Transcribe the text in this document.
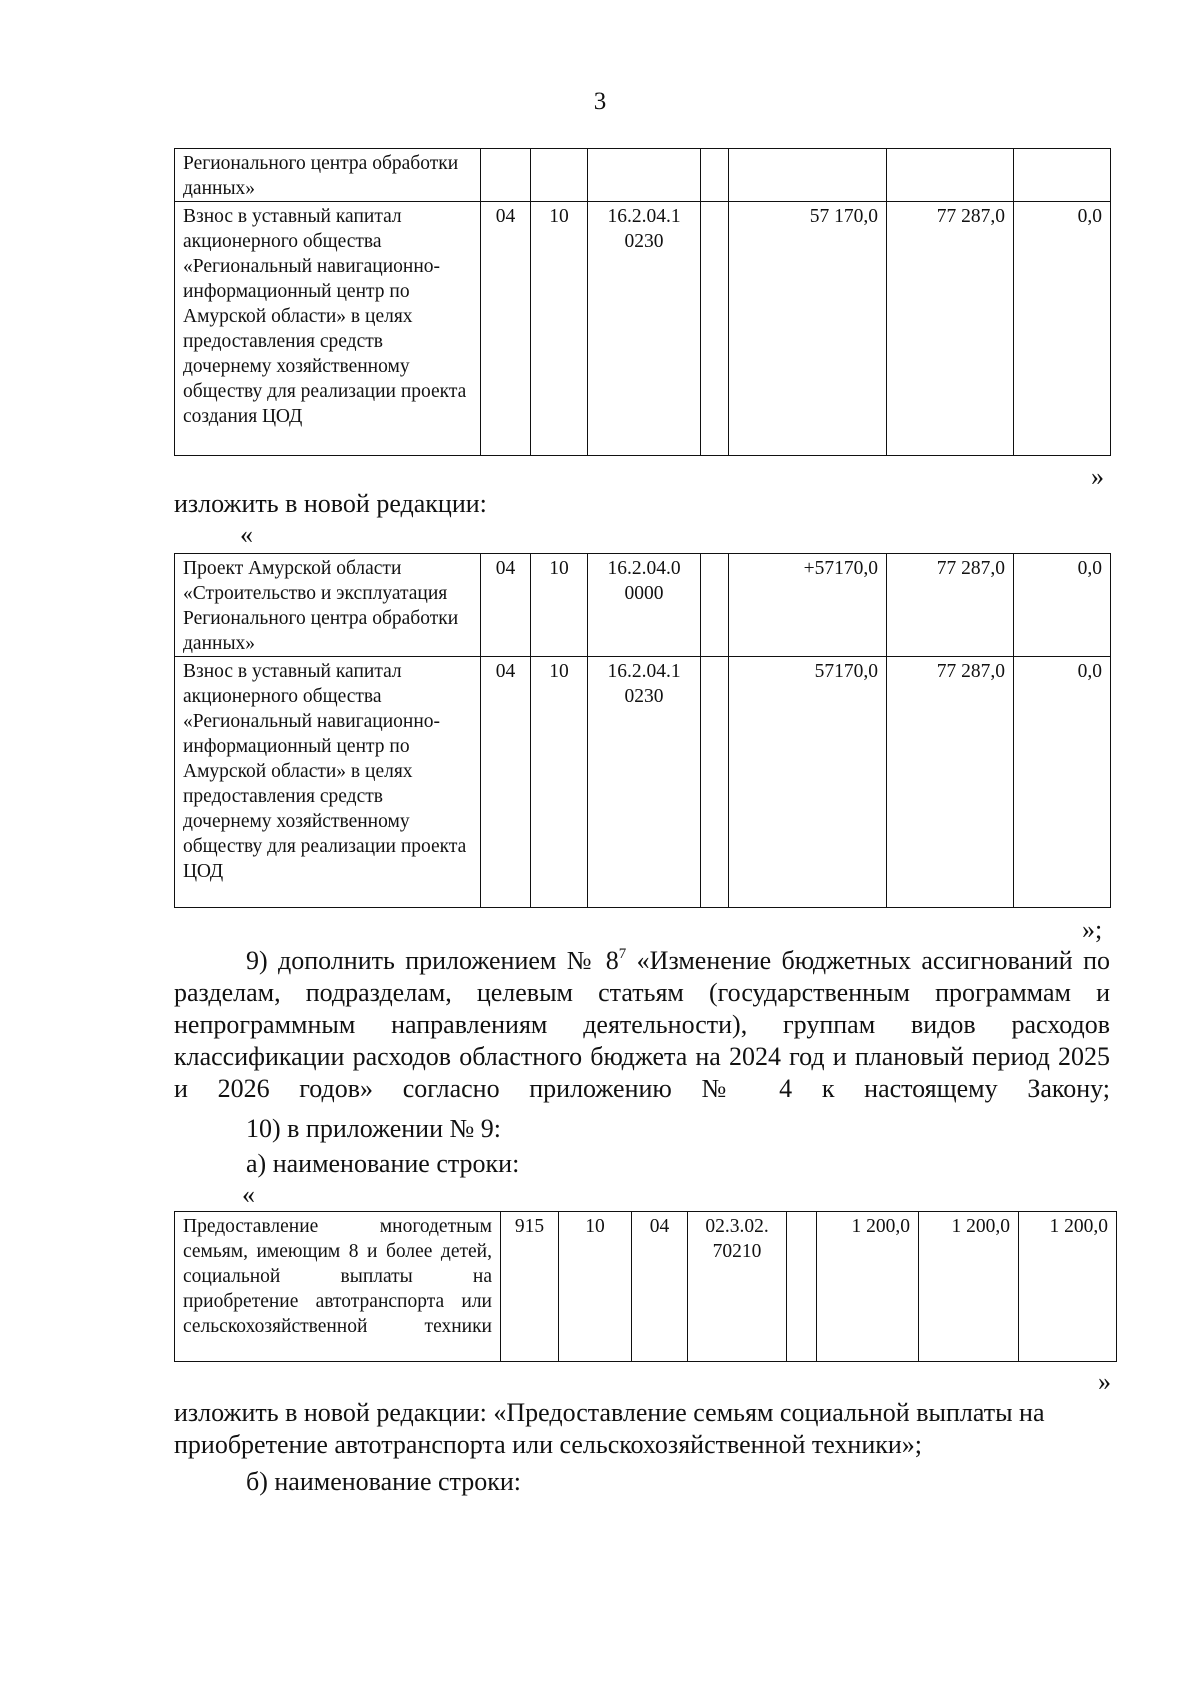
3
Регионального центра обработки данных»							
Взнос в уставный капитал акционерного общества «Региональный навигационно-информационный центр по Амурской области» в целях предоставления средств дочернему хозяйственному обществу для реализации проекта создания ЦОД	04	10	16.2.04.1 0230		57 170,0	77 287,0	0,0
»
изложить в новой редакции:
«
Проект Амурской области «Строительство и эксплуатация Регионального центра обработки данных»	04	10	16.2.04.0 0000		+57170,0	77 287,0	0,0
Взнос в уставный капитал акционерного общества «Региональный навигационно-информационный центр по Амурской области» в целях предоставления средств дочернему хозяйственному обществу для реализации проекта ЦОД	04	10	16.2.04.1 0230		57170,0	77 287,0	0,0
»;
9) дополнить приложением № $8^7$ «Изменение бюджетных ассигнований по разделам, подразделам, целевым статьям (государственным программам и непрограммным направлениям деятельности), группам видов расходов классификации расходов областного бюджета на 2024 год и плановый период 2025 и 2026 годов» согласно приложению № 4 к настоящему Закону;
10) в приложении № 9:
а) наименование строки:
«
Предоставление многодетным семьям, имеющим 8 и более детей, социальной выплаты на приобретение автотранспорта или сельскохозяйственной техники	915	10	04	02.3.02. 70210		1 200,0	1 200,0	1 200,0
»
изложить в новой редакции: «Предоставление семьям социальной выплаты на приобретение автотранспорта или сельскохозяйственной техники»;
б) наименование строки:
